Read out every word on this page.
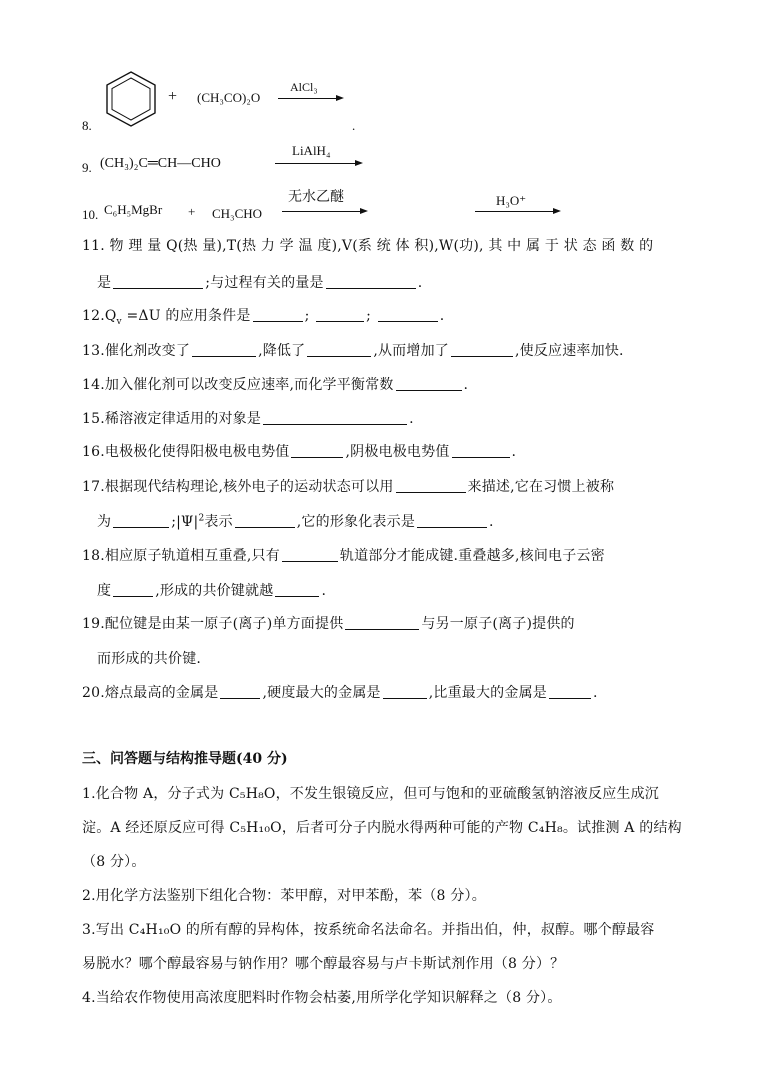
8.
+ (CH₃CO)₂O
AlCl₃
.
9. (CH₃)₂C═CH—CHO
LiAlH₄
10. C₆H₅MgBr + CH₃CHO
无水乙醚	H₃O⁺
11. 物 理 量 Q(热 量),T(热 力 学 温 度),V(系 统 体 积),W(功), 其 中 属 于 状 态 函 数 的
是	;与过程有关的量是	.
$12.Q_v =\Delta U$ 的应用条件是	;	;	.
13.催化剂改变了	,降低了	,从而增加了	,使反应速率加快.
14.加入催化剂可以改变反应速率,而化学平衡常数	.
15.稀溶液定律适用的对象是	.
16.电极极化使得阳极电极电势值	,阴极电极电势值	.
17.根据现代结构理论,核外电子的运动状态可以用	来描述,它在习惯上被称
为	$;|\Psi|^2$表示	,它的形象化表示是	.
18.相应原子轨道相互重叠,只有	轨道部分才能成键.重叠越多,核间电子云密
度	,形成的共价键就越	.
19.配位键是由某一原子(离子)单方面提供	与另一原子(离子)提供的
而形成的共价键.
20.熔点最高的金属是	,硬度最大的金属是	,比重最大的金属是	.
三、问答题与结构推导题(40 分)
1.化合物 A，分子式为 C₅H₈O，不发生银镜反应，但可与饱和的亚硫酸氢钠溶液反应生成沉
淀。A 经还原反应可得 C₅H₁₀O，后者可分子内脱水得两种可能的产物 C₄H₈。试推测 A 的结构
（8 分）。
2.用化学方法鉴别下组化合物：苯甲醇，对甲苯酚，苯（8 分）。
3.写出 C₄H₁₀O 的所有醇的异构体，按系统命名法命名。并指出伯，仲，叔醇。哪个醇最容
易脱水？哪个醇最容易与钠作用？哪个醇最容易与卢卡斯试剂作用（8 分）？
4.当给农作物使用高浓度肥料时作物会枯萎,用所学化学知识解释之（8 分）。
